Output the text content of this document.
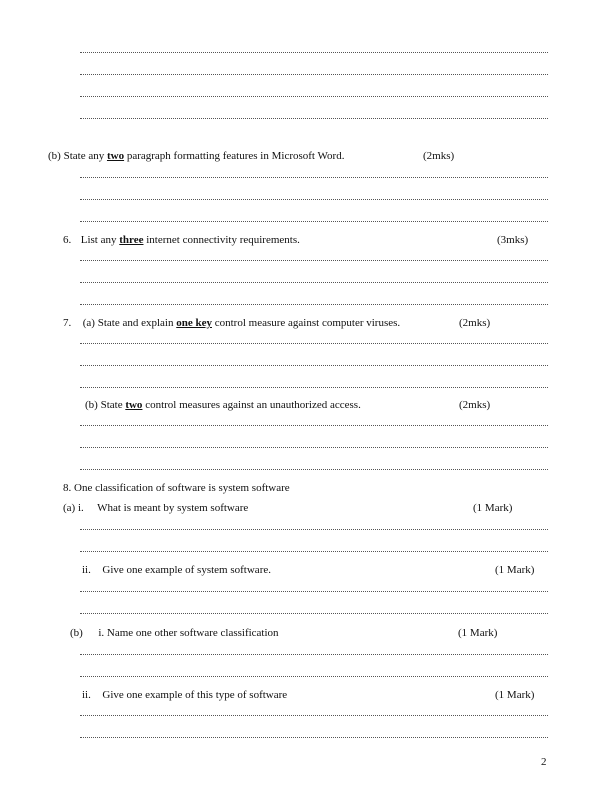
(b) State any two paragraph formatting features in Microsoft Word.	(2mks)
6. List any three internet connectivity requirements.	(3mks)
7. (a) State and explain one key control measure against computer viruses.	(2mks)
(b) State two control measures against an unauthorized access.	(2mks)
8. One classification of software is system software
(a) i. What is meant by system software	(1 Mark)
ii. Give one example of system software.	(1 Mark)
(b) i. Name one other software classification	(1 Mark)
ii. Give one example of this type of software	(1 Mark)
2
